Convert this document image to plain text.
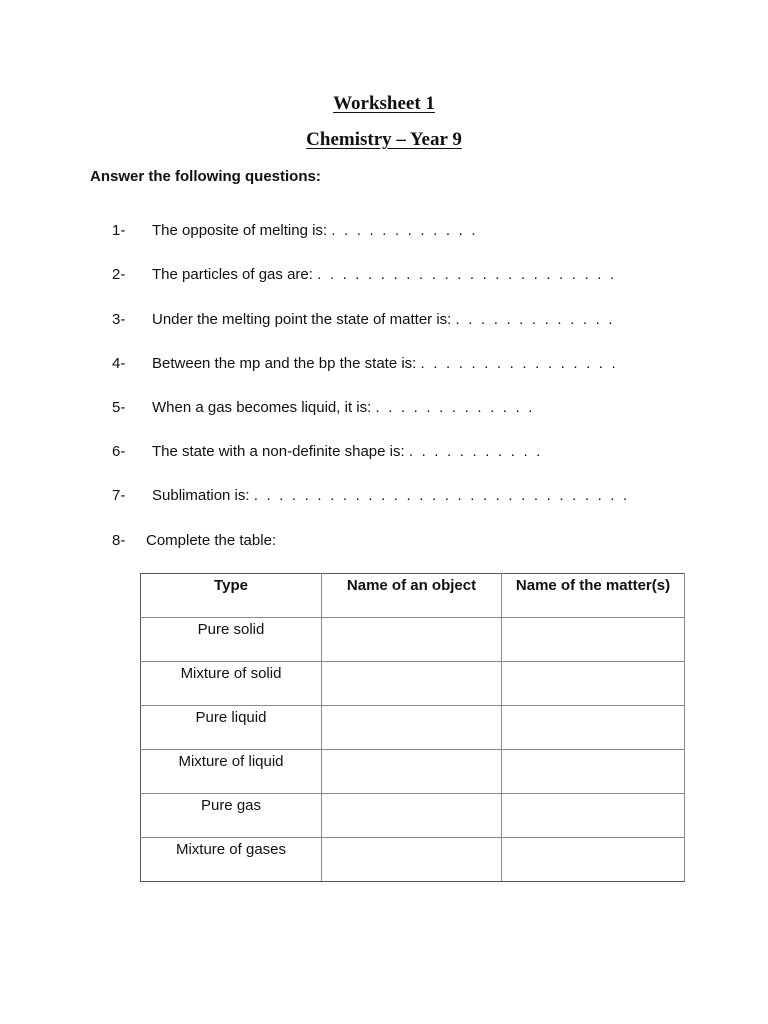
Worksheet 1
Chemistry – Year 9
Answer the following questions:
1- The opposite of melting is: . . . . . . . . . . . .
2- The particles of gas are: . . . . . . . . . . . . . . . . . . . . . . . .
3- Under the melting point the state of matter is: . . . . . . . . . . . . .
4- Between the mp and the bp the state is: . . . . . . . . . . . . . . . .
5- When a gas becomes liquid, it is: . . . . . . . . . . . . .
6- The state with a non-definite shape is: . . . . . . . . . . .
7- Sublimation is: . . . . . . . . . . . . . . . . . . . . . . . . . . . . . .
8- Complete the table:
Type	Name of an object	Name of the matter(s)
Pure solid		
Mixture of solid		
Pure liquid		
Mixture of liquid		
Pure gas		
Mixture of gases		
